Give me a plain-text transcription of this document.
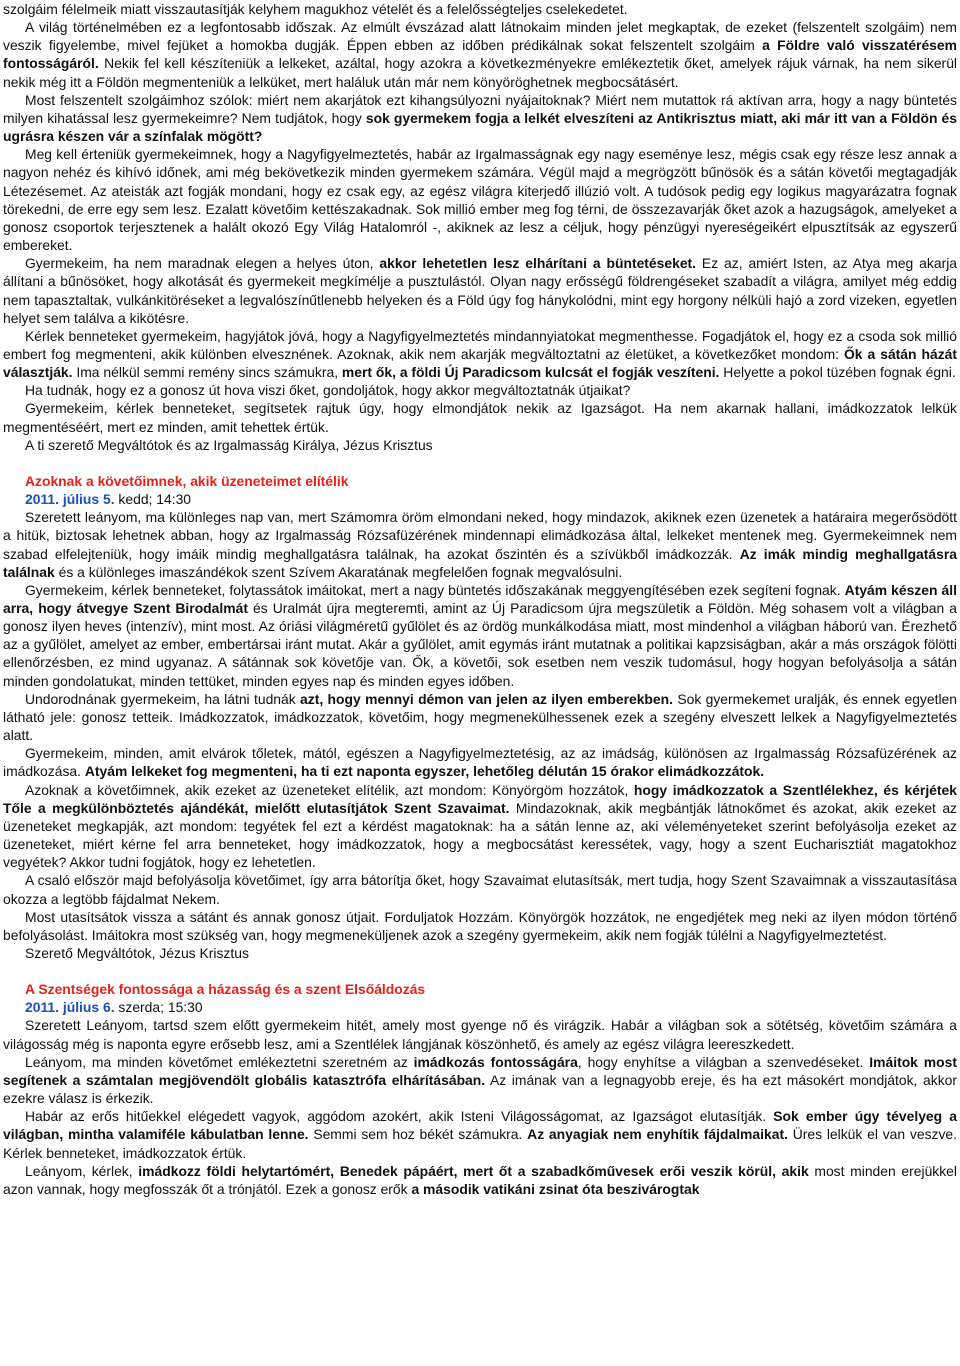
szolgáim félelmeik miatt visszautasítják kelyhem magukhoz vételét és a felelősségteljes cselekedetet.

A világ történelmében ez a legfontosabb időszak. Az elmúlt évszázad alatt látnokaim minden jelet megkaptak, de ezeket (felszentelt szolgáim) nem veszik figyelembe, mivel fejüket a homokba dugják. Éppen ebben az időben prédikálnak sokat felszentelt szolgáim a Földre való visszatérésem fontosságáról. Nekik fel kell készíteniük a lelkeket, azáltal, hogy azokra a következményekre emlékeztetik őket, amelyek rájuk várnak, ha nem sikerül nekik még itt a Földön megmenteniük a lelküket, mert haláluk után már nem könyöröghetnek megbocsátásért.

Most felszentelt szolgáimhoz szólok: miért nem akarjátok ezt kihangsúlyozni nyájaitoknak? Miért nem mutattok rá aktívan arra, hogy a nagy büntetés milyen kihatással lesz gyermekeimre? Nem tudjátok, hogy sok gyermekem fogja a lelkét elveszíteni az Antikrisztus miatt, aki már itt van a Földön és ugrásra készen vár a színfalak mögött?

Meg kell érteniük gyermekeimnek, hogy a Nagyfigyelmeztetés, habár az Irgalmasságnak egy nagy eseménye lesz, mégis csak egy része lesz annak a nagyon nehéz és kihívó időnek, ami még bekövetkezik minden gyermekem számára. Végül majd a megrögzött bűnösök és a sátán követői megtagadják Létezésemet. Az ateisták azt fogják mondani, hogy ez csak egy, az egész világra kiterjedő illúzió volt. A tudósok pedig egy logikus magyarázatra fognak törekedni, de erre egy sem lesz. Ezalatt követőim kettészakadnak. Sok millió ember meg fog térni, de összezavarják őket azok a hazugságok, amelyeket a gonosz csoportok terjesztenek a halált okozó Egy Világ Hatalomról -, akiknek az lesz a céljuk, hogy pénzügyi nyereségeikért elpusztítsák az egyszerű embereket.

Gyermekeim, ha nem maradnak elegen a helyes úton, akkor lehetetlen lesz elhárítani a büntetéseket. Ez az, amiért Isten, az Atya meg akarja állítani a bűnösöket, hogy alkotását és gyermekeit megkímélje a pusztulástól. Olyan nagy erősségű földrengéseket szabadít a világra, amilyet még eddig nem tapasztaltak, vulkánkitöréseket a legvalószínűtlenebb helyeken és a Föld úgy fog hánykolódni, mint egy horgony nélküli hajó a zord vizeken, egyetlen helyet sem találva a kikötésre.

Kérlek benneteket gyermekeim, hagyjátok jóvá, hogy a Nagyfigyelmeztetés mindannyiatokat megmenthesse. Fogadjátok el, hogy ez a csoda sok millió embert fog megmenteni, akik különben elvesznének. Azoknak, akik nem akarják megváltoztatni az életüket, a következőket mondom: Ők a sátán házát választják. Ima nélkül semmi remény sincs számukra, mert ők, a földi Új Paradicsom kulcsát el fogják veszíteni. Helyette a pokol tüzében fognak égni.

Ha tudnák, hogy ez a gonosz út hova viszi őket, gondoljátok, hogy akkor megváltoztatnák útjaikat?

Gyermekeim, kérlek benneteket, segítsetek rajtuk úgy, hogy elmondjátok nekik az Igazságot. Ha nem akarnak hallani, imádkozzatok lelkük megmentéséért, mert ez minden, amit tehettek értük.

A ti szerető Megváltótok és az Irgalmasság Királya, Jézus Krisztus

Azoknak a követőimnek, akik üzeneteimet elítélik
2011. július 5. kedd; 14:30

Szeretett leányom, ma különleges nap van, mert Számomra öröm elmondani neked, hogy mindazok, akiknek ezen üzenetek a határaira megerősödött a hitük, biztosak lehetnek abban, hogy az Irgalmasság Rózsafüzérének mindennapi elimádkozása által, lelkeket mentenek meg. Gyermekeimnek nem szabad elfelejteniük, hogy imáik mindig meghallgatásra találnak, ha azokat őszintén és a szívükből imádkozzák. Az imák mindig meghallgatásra találnak és a különleges imaszándékok szent Szívem Akaratának megfelelően fognak megvalósulni.

Gyermekeim, kérlek benneteket, folytassátok imáitokat, mert a nagy büntetés időszakának meggyengítésében ezek segíteni fognak. Atyám készen áll arra, hogy átvegye Szent Birodalmát és Uralmát újra megteremti, amint az Új Paradicsom újra megszületik a Földön. Még sohasem volt a világban a gonosz ilyen heves (intenzív), mint most. Az óriási világméretű gyűlölet és az ördög munkálkodása miatt, most mindenhol a világban háború van. Érezhető az a gyűlölet, amelyet az ember, embertársai iránt mutat. Akár a gyűlölet, amit egymás iránt mutatnak a politikai kapzsiságban, akár a más országok fölötti ellenőrzésben, ez mind ugyanaz. A sátánnak sok követője van. Ők, a követői, sok esetben nem veszik tudomásul, hogy hogyan befolyásolja a sátán minden gondolatukat, minden tettüket, minden egyes nap és minden egyes időben.

Undorodnának gyermekeim, ha látni tudnák azt, hogy mennyi démon van jelen az ilyen emberekben. Sok gyermekemet uralják, és ennek egyetlen látható jele: gonosz tetteik. Imádkozzatok, imádkozzatok, követőim, hogy megmenekülhessenek ezek a szegény elveszett lelkek a Nagyfigyelmeztetés alatt.

Gyermekeim, minden, amit elvárok tőletek, mától, egészen a Nagyfigyelmeztetésig, az az imádság, különösen az Irgalmasság Rózsafüzérének az imádkozása. Atyám lelkeket fog megmenteni, ha ti ezt naponta egyszer, lehetőleg délután 15 órakor elimádkozzátok.

Azoknak a követőimnek, akik ezeket az üzeneteket elítélik, azt mondom: Könyörgöm hozzátok, hogy imádkozzatok a Szentlélekhez, és kérjétek Tőle a megkülönböztetés ajándékát, mielőtt elutasítjátok Szent Szavaimat. Mindazoknak, akik megbántják látnokőmet és azokat, akik ezeket az üzeneteket megkapják, azt mondom: tegyétek fel ezt a kérdést magatoknak: ha a sátán lenne az, aki véleményeteket szerint befolyásolja ezeket az üzeneteket, miért kérne fel arra benneteket, hogy imádkozzatok, hogy a megbocsátást keressétek, vagy, hogy a szent Eucharisztiát magatokhoz vegyétek? Akkor tudni fogjátok, hogy ez lehetetlen.

A csaló először majd befolyásolja követőimet, így arra bátorítja őket, hogy Szavaimat elutasítsák, mert tudja, hogy Szent Szavaimnak a visszautasítása okozza a legtöbb fájdalmat Nekem.

Most utasítsátok vissza a sátánt és annak gonosz útjait. Forduljatok Hozzám. Könyörgök hozzátok, ne engedjétek meg neki az ilyen módon történő befolyásolást. Imáitokra most szükség van, hogy megmeneküljenek azok a szegény gyermekeim, akik nem fogják túlélni a Nagyfigyelmeztetést.

Szerető Megváltótok, Jézus Krisztus

A Szentségek fontossága a házasság és a szent Elsőáldozás
2011. július 6. szerda; 15:30

Szeretett Leányom, tartsd szem előtt gyermekeim hitét, amely most gyenge nő és virágzik. Habár a világban sok a sötétség, követőim számára a világosság még is naponta egyre erősebb lesz, ami a Szentlélek lángjának köszönhető, és amely az egész világra leereszkedett.

Leányom, ma minden követőmet emlékeztetni szeretném az imádkozás fontosságára, hogy enyhítse a világban a szenvedéseket. Imáitok most segítenek a számtalan megjövendölt globális katasztrófa elhárításában. Az imának van a legnagyobb ereje, és ha ezt másokért mondjátok, akkor ezekre válasz is érkezik.

Habár az erős hitűekkel elégedett vagyok, aggódom azokért, akik Isteni Világosságomat, az Igazságot elutasítják. Sok ember úgy tévelyeg a világban, mintha valamiféle kábulatban lenne. Semmi sem hoz békét számukra. Az anyagiak nem enyhítik fájdalmaikat. Üres lelkük el van veszve. Kérlek benneteket, imádkozzatok értük.

Leányom, kérlek, imádkozz földi helytartómért, Benedek pápáért, mert őt a szabadkőművesek erői veszik körül, akik most minden erejükkel azon vannak, hogy megfosszák őt a trónjától. Ezek a gonosz erők a második vatikáni zsinat óta beszivárogtak
